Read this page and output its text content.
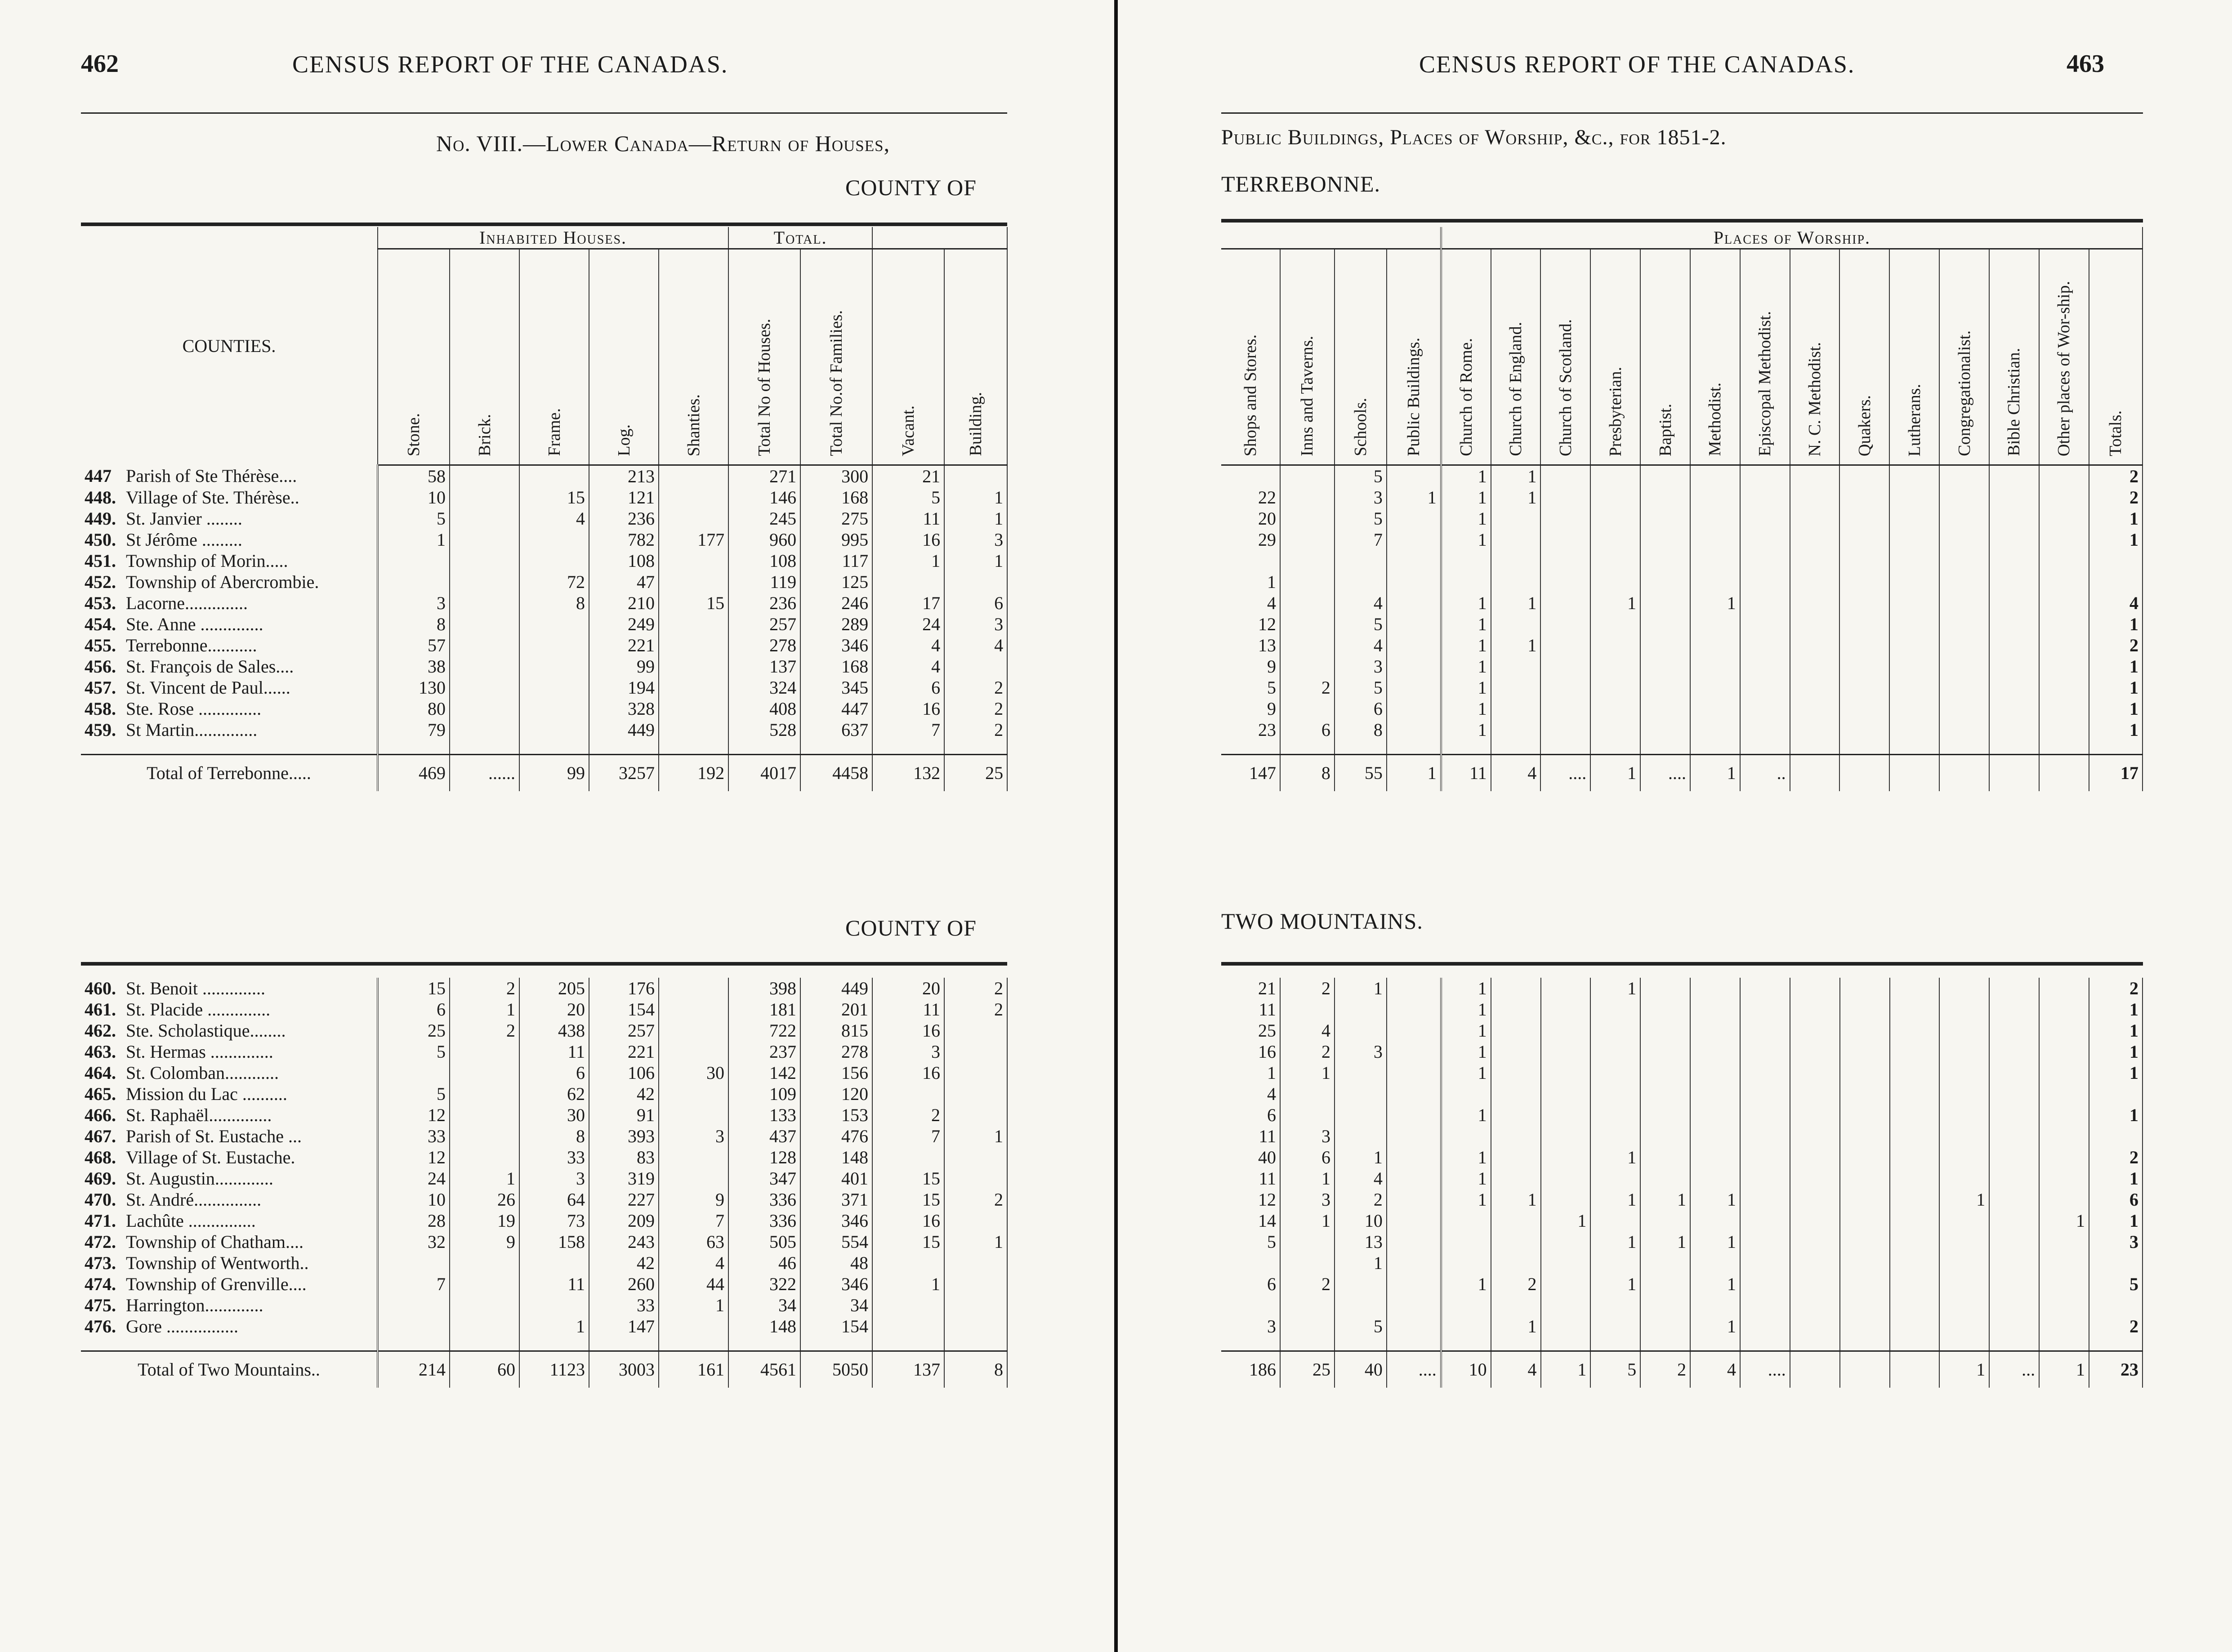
462	CENSUS REPORT OF THE CANADAS.
No. VIII.—Lower Canada—Return of Houses,
COUNTY OF
COUNTIES.	Inhabited Houses.					Total.			

	Stone.	Brick.	Frame.	Log.	Shanties.	Total No of Houses.	Total No.of Families.	Vacant.	Building.

447 Parish of Ste Thérèse....	58			213		271	300	21	
448. Village of Ste. Thérèse..	10		15	121		146	168	5	1
449. St. Janvier ........	5		4	236		245	275	11	1
450. St Jérôme .........	1			782	177	960	995	16	3
451. Township of Morin.....				108		108	117	1	1
452. Township of Abercrombie.			72	47		119	125		
453. Lacorne..............	3		8	210	15	236	246	17	6
454. Ste. Anne ..............	8			249		257	289	24	3
455. Terrebonne...........	57			221		278	346	4	4
456. St. François de Sales....	38			99		137	168	4	
457. St. Vincent de Paul......	130			194		324	345	6	2
458. Ste. Rose ..............	80			328		408	447	16	2
459. St Martin..............	79			449		528	637	7	2

Total of Terrebonne.....	469	......	99	3257	192	4017	4458	132	25
COUNTY OF
460. St. Benoit ..............	15	2	205	176		398	449	20	2
461. St. Placide ..............	6	1	20	154		181	201	11	2
462. Ste. Scholastique........	25	2	438	257		722	815	16	
463. St. Hermas ..............	5		11	221		237	278	3	
464. St. Colomban............			6	106	30	142	156	16	
465. Mission du Lac ..........	5		62	42		109	120		
466. St. Raphaël..............	12		30	91		133	153	2	
467. Parish of St. Eustache ...	33		8	393	3	437	476	7	1
468. Village of St. Eustache.	12		33	83		128	148		
469. St. Augustin.............	24	1	3	319		347	401	15	
470. St. André...............	10	26	64	227	9	336	371	15	2
471. Lachûte ...............	28	19	73	209	7	336	346	16	
472. Township of Chatham....	32	9	158	243	63	505	554	15	1
473. Township of Wentworth..				42	4	46	48		
474. Township of Grenville....	7		11	260	44	322	346	1	
475. Harrington.............				33	1	34	34		
476. Gore ................			1	147		148	154		

Total of Two Mountains..	214	60	1123	3003	161	4561	5050	137	8
CENSUS REPORT OF THE CANADAS.	463
Public Buildings, Places of Worship, &c., for 1851-2.
TERREBONNE.
				Places of Worship.													

Shops and Stores.	Inns and Taverns.	Schools.	Public Buildings.	Church of Rome.	Church of England.	Church of Scotland.	Presbyterian.	Baptist.	Methodist.	Episcopal Methodist.	N. C. Methodist.	Quakers.	Lutherans.	Congregationalist.	Bible Christian.	Other places of Wor-ship.	Totals.

		5		1	1												2
22		3	1	1	1												2
20		5		1													1
29		7		1													1

1																	
4		4		1	1		1		1								4
12		5		1													1
13		4		1	1												2
9		3		1													1
5	2	5		1													1
9		6		1													1
23	6	8		1													1

147	8	55	1	11	4	....	1	....	1	..							17
TWO MOUNTAINS.
21	2	1		1			1										2
11				1													1
25	4			1													1
16	2	3		1													1
1	1			1													1
4																	
6				1													1
11	3																
40	6	1		1			1										2
11	1	4		1													1
12	3	2		1	1		1	1	1					1			6
14	1	10				1										1	1
5		13					1	1	1								3
		1															
6	2			1	2		1		1								5

3		5			1				1								2

186	25	40	....	10	4	1	5	2	4	....				1	...	1	23
